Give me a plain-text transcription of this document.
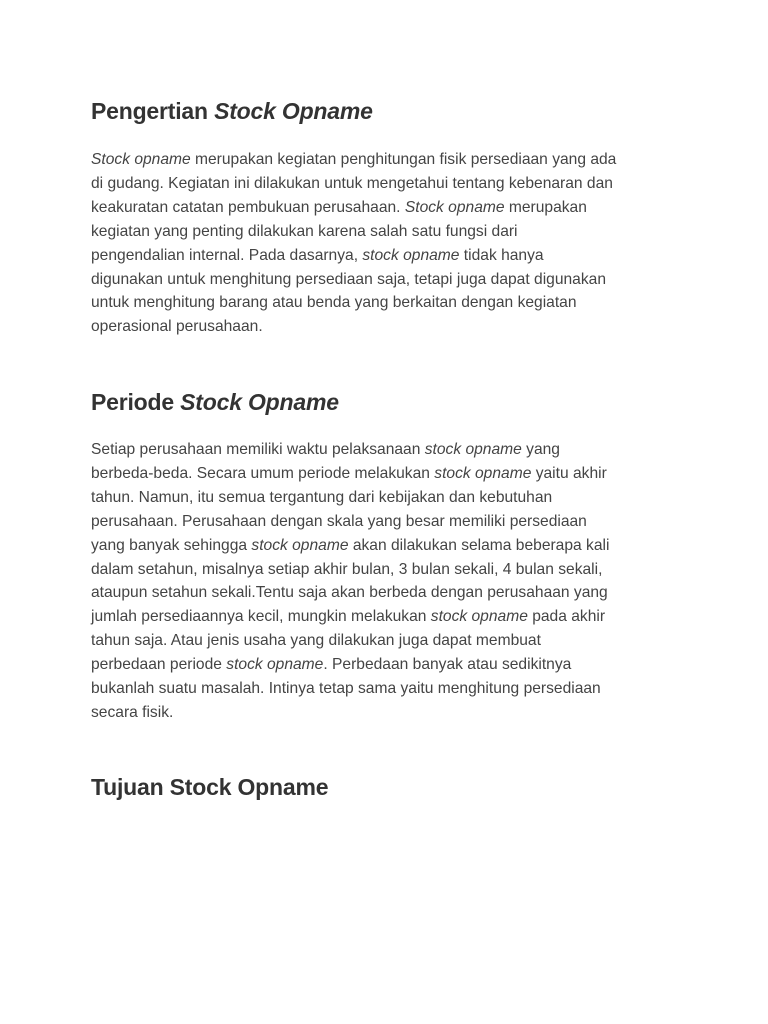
Pengertian Stock Opname

Stock opname merupakan kegiatan penghitungan fisik persediaan yang ada
di gudang. Kegiatan ini dilakukan untuk mengetahui tentang kebenaran dan
keakuratan catatan pembukuan perusahaan. Stock opname merupakan
kegiatan yang penting dilakukan karena salah satu fungsi dari
pengendalian internal. Pada dasarnya, stock opname tidak hanya
digunakan untuk menghitung persediaan saja, tetapi juga dapat digunakan
untuk menghitung barang atau benda yang berkaitan dengan kegiatan
operasional perusahaan.

Periode Stock Opname

Setiap perusahaan memiliki waktu pelaksanaan stock opname yang
berbeda-beda. Secara umum periode melakukan stock opname yaitu akhir
tahun. Namun, itu semua tergantung dari kebijakan dan kebutuhan
perusahaan. Perusahaan dengan skala yang besar memiliki persediaan
yang banyak sehingga stock opname akan dilakukan selama beberapa kali
dalam setahun, misalnya setiap akhir bulan, 3 bulan sekali, 4 bulan sekali,
ataupun setahun sekali.Tentu saja akan berbeda dengan perusahaan yang
jumlah persediaannya kecil, mungkin melakukan stock opname pada akhir
tahun saja. Atau jenis usaha yang dilakukan juga dapat membuat
perbedaan periode stock opname. Perbedaan banyak atau sedikitnya
bukanlah suatu masalah. Intinya tetap sama yaitu menghitung persediaan
secara fisik.

Tujuan Stock Opname
